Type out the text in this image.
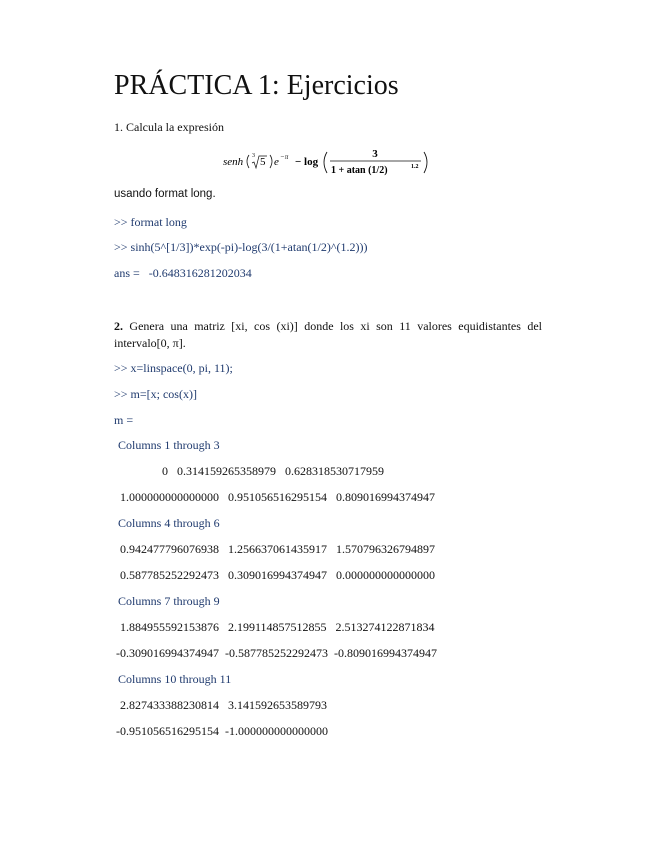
PRÁCTICA 1: Ejercicios
1. Calcula la expresión
senh 3 5 e −π − log
3
1 + atan (1/2)	1.2
usando format long.
>> format long
>> sinh(5^[1/3])*exp(-pi)-log(3/(1+atan(1/2)^(1.2)))
ans =   -0.648316281202034
2. Genera una matriz [xi, cos (xi)] donde los xi son 11 valores equidistantes del intervalo[0, π].
>> x=linspace(0, pi, 11);
>> m=[x; cos(x)]
m =
Columns 1 through 3
0   0.314159265358979   0.628318530717959
1.000000000000000   0.951056516295154   0.809016994374947
Columns 4 through 6
0.942477796076938   1.256637061435917   1.570796326794897
0.587785252292473   0.309016994374947   0.000000000000000
Columns 7 through 9
1.884955592153876   2.199114857512855   2.513274122871834
-0.309016994374947  -0.587785252292473  -0.809016994374947
Columns 10 through 11
2.827433388230814   3.141592653589793
-0.951056516295154  -1.000000000000000
